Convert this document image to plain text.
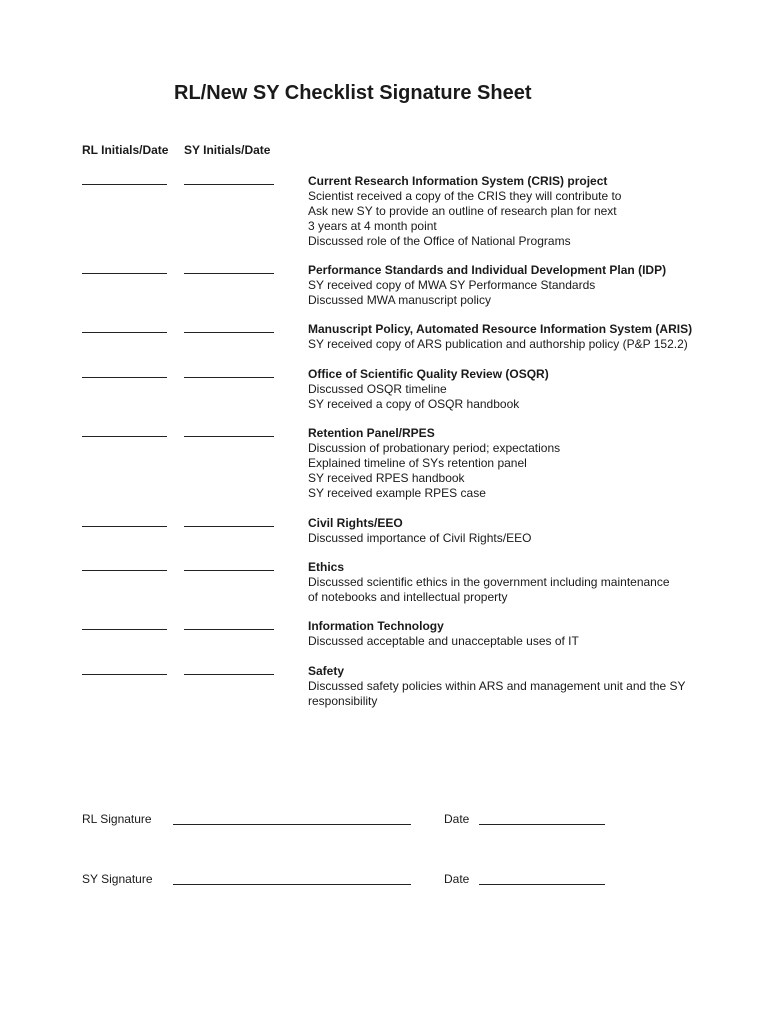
RL/New SY Checklist Signature Sheet
RL Initials/Date SY Initials/Date
Current Research Information System (CRIS) project
Scientist received a copy of the CRIS they will contribute to
Ask new SY to provide an outline of research plan for next
3 years at 4 month point
Discussed role of the Office of National Programs
Performance Standards and Individual Development Plan (IDP)
SY received copy of MWA SY Performance Standards
Discussed MWA manuscript policy
Manuscript Policy, Automated Resource Information System (ARIS)
SY received copy of ARS publication and authorship policy (P&P 152.2)
Office of Scientific Quality Review (OSQR)
Discussed OSQR timeline
SY received a copy of OSQR handbook
Retention Panel/RPES
Discussion of probationary period; expectations
Explained timeline of SYs retention panel
SY received RPES handbook
SY received example RPES case
Civil Rights/EEO
Discussed importance of Civil Rights/EEO
Ethics
Discussed scientific ethics in the government including maintenance
of notebooks and intellectual property
Information Technology
Discussed acceptable and unacceptable uses of IT
Safety
Discussed safety policies within ARS and management unit and the SY
responsibility
RL Signature	Date
SY Signature	Date
